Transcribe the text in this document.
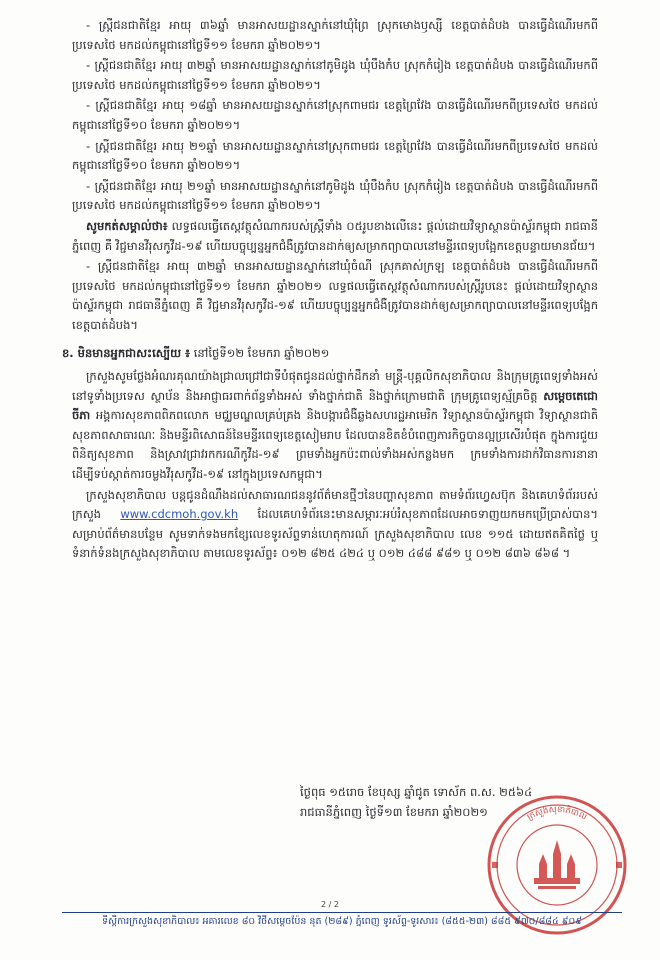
- ស្ត្រីជនជាតិខ្មែរ អាយុ ៣៦ឆ្នាំ មានអាសយដ្ឋានស្នាក់នៅឃុំព្រៃ ស្រុកមោងឫស្សី ខេត្តបាត់ដំបង បានធ្វើដំណើរមកពីប្រទេសថៃ មកដល់កម្ពុជានៅថ្ងៃទី១១ ខែមករា ឆ្នាំ២០២១។

- ស្ត្រីជនជាតិខ្មែរ អាយុ ៣២ឆ្នាំ មានអាសយដ្ឋានស្នាក់នៅភូមិដូង ឃុំបឹងកំប ស្រុកកំរៀង ខេត្តបាត់ដំបង បានធ្វើដំណើរមកពីប្រទេសថៃ មកដល់កម្ពុជានៅថ្ងៃទី១១ ខែមករា ឆ្នាំ២០២១។

- ស្ត្រីជនជាតិខ្មែរ អាយុ ១៨ឆ្នាំ មានអាសយដ្ឋានស្នាក់នៅស្រុកពាមជរ ខេត្តព្រៃវែង បានធ្វើដំណើរមកពីប្រទេសថៃ មកដល់កម្ពុជានៅថ្ងៃទី១០ ខែមករា ឆ្នាំ២០២១។

- ស្ត្រីជនជាតិខ្មែរ អាយុ ២១ឆ្នាំ មានអាសយដ្ឋានស្នាក់នៅស្រុកពាមជរ ខេត្តព្រៃវែង បានធ្វើដំណើរមកពីប្រទេសថៃ មកដល់កម្ពុជានៅថ្ងៃទី១០ ខែមករា ឆ្នាំ២០២១។

- ស្ត្រីជនជាតិខ្មែរ អាយុ ២១ឆ្នាំ មានអាសយដ្ឋានស្នាក់នៅភូមិដូង ឃុំបឹងកំប ស្រុកកំរៀង ខេត្តបាត់ដំបង បានធ្វើដំណើរមកពីប្រទេសថៃ មកដល់កម្ពុជានៅថ្ងៃទី១១ ខែមករា ឆ្នាំ២០២១។

សូមកត់សម្គាល់ថា៖ លទ្ធផលធ្វើតេស្តវត្ថុសំណាករបស់ស្ត្រីទាំង ០៥រូបខាងលើនេះ ផ្តល់ដោយវិទ្យាស្ថានប៉ាស្ទ័រកម្ពុជា រាជធានីភ្នំពេញ គឺ វិជ្ជមានវីរុសកូវីដ-១៩ ហើយបច្ចុប្បន្នអ្នកជំងឺត្រូវបានដាក់ឲ្យសម្រាកព្យាបាលនៅមន្ទីរពេទ្យបង្អែកខេត្តបន្ទាយមានជ័យ។

- ស្ត្រីជនជាតិខ្មែរ អាយុ ៣២ឆ្នាំ មានអាសយដ្ឋានស្នាក់នៅឃុំចំណី ស្រុកគាស់ក្រឡ ខេត្តបាត់ដំបង បានធ្វើដំណើរមកពីប្រទេសថៃ មកដល់កម្ពុជានៅថ្ងៃទី១១ ខែមករា ឆ្នាំ២០២១ លទ្ធផលធ្វើតេស្តវត្ថុសំណាករបស់ស្ត្រីរូបនេះ ផ្តល់ដោយវិទ្យាស្ថានប៉ាស្ទ័រកម្ពុជា រាជធានីភ្នំពេញ គឺ វិជ្ជមានវីរុសកូវីដ-១៩ ហើយបច្ចុប្បន្នអ្នកជំងឺត្រូវបានដាក់ឲ្យសម្រាកព្យាបាលនៅមន្ទីរពេទ្យបង្អែកខេត្តបាត់ដំបង។

ខ. មិនមានអ្នកជាសះស្បើយ ៖ នៅថ្ងៃទី១២ ខែមករា ឆ្នាំ២០២១

ក្រសួងសូមថ្លែងអំណរគុណយ៉ាងជ្រាលជ្រៅជាទីបំផុតជូនដល់ថ្នាក់ដឹកនាំ មន្ត្រី-បុគ្គលិកសុខាភិបាល និងក្រុមគ្រូពេទ្យទាំងអស់នៅទូទាំងប្រទេស ស្ថាប័ន និងអាជ្ញាធរពាក់ព័ន្ធទាំងអស់ ទាំងថ្នាក់ជាតិ និងថ្នាក់ក្រោមជាតិ ក្រុមគ្រូពេទ្យស្ម័គ្រចិត្ត សម្តេចតេជោ ចីភា អង្គការសុខភាពពិភពលោក មជ្ឈមណ្ឌលគ្រប់គ្រង និងបង្ការជំងឺឆ្លងសហរដ្ឋអាមេរិក វិទ្យាស្ថានប៉ាស្ទ័រកម្ពុជា វិទ្យាស្ថានជាតិសុខភាពសាធារណៈ និងមន្ទីរពិសោធន៍នៃមន្ទីរពេទ្យខេត្តសៀមរាប ដែលបានខិតខំបំពេញភារកិច្ចបានល្អប្រសើរបំផុត ក្នុងការជួយពិនិត្យសុខភាព និងស្រាវជ្រាវរកករណីកូវីដ-១៩ ព្រមទាំងអ្នកប៉ះពាល់ទាំងអស់កន្លងមក ក្រមទាំងការដាក់វិធានការនានា ដើម្បីទប់ស្កាត់ការចម្លងវីរុសកូវីដ-១៩ នៅក្នុងប្រទេសកម្ពុជា។

ក្រសួងសុខាភិបាល បន្តជូនដំណឹងដល់សាធារណជននូវព័ត៌មានថ្មីៗនៃបញ្ហាសុខភាព តាមទំព័រហ្វេសប៊ុក និងគេហទំព័ររបស់ក្រសួង www.cdcmoh.gov.kh ដែលគេហទំព័រនេះមានសម្ភារៈអប់រំសុខភាពដែលអាចទាញយកមកប្រើប្រាស់បាន។ សម្រាប់ព័ត៌មានបន្ថែម សូមទាក់ទងមកខ្សែលេខទូរស័ព្ទទាន់ហេតុការណ៍ ក្រសួងសុខាភិបាល លេខ ១១៥ ដោយឥតគិតថ្លៃ ឬទំនាក់ទំនងក្រសួងសុខាភិបាល តាមលេខទូរស័ព្ទ៖ ០១២ ៨២៥ ៤២៤ ឬ ០១២ ៤៨៨ ៩៨១ ឬ ០១២ ៨៣៦ ៨៦៨ ។

ថ្ងៃពុធ ១៥រោច ខែបុស្ស ឆ្នាំជូត ទោស័ក ព.ស. ២៥៦៤
រាជធានីភ្នំពេញ ថ្ងៃទី១៣ ខែមករា ឆ្នាំ២០២១	ក្រសួងសុខាភិបាល
2 / 2
ទីស្តីការក្រសួងសុខាភិបាល៖ អគារលេខ ៨០ វិថីសម្តេចប៉ែន នុត (២៨៩) ភ្នំពេញ ទូរស័ព្ទ-ទូរសារ៖ (៨៥៥-២៣) ៨៨៥ ៩៧០/៨៨៤ ៩០៩
